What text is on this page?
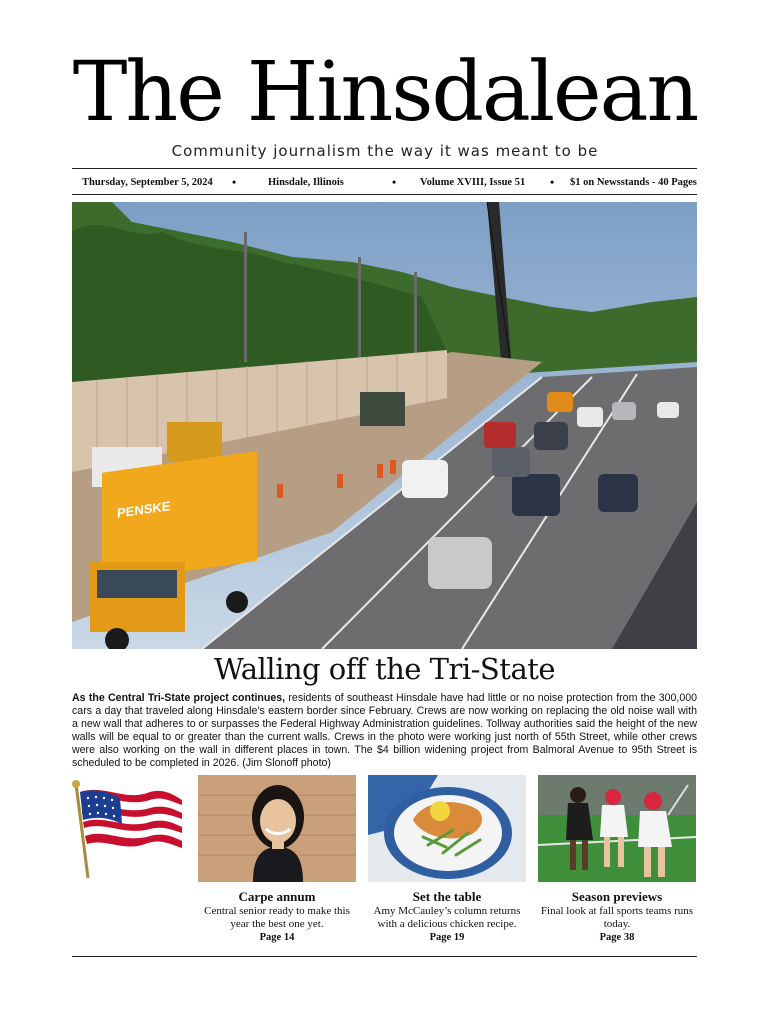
The Hinsdalean
Community journalism the way it was meant to be
Thursday, September 5, 2024 •	Hinsdale, Illinois	• Volume XVIII, Issue 51 • $1 on Newsstands - 40 Pages
PENSKE
Walling off the Tri-State
As the Central Tri-State project continues, residents of southeast Hinsdale have had little or no noise protection from the 300,000 cars a day that traveled along Hinsdale’s eastern border since February. Crews are now working on replacing the old noise wall with a new wall that adheres to or surpasses the Federal Highway Administration guidelines. Tollway authorities said the height of the new walls will be equal to or greater than the current walls. Crews in the photo were working just north of 55th Street, while other crews were also working on the wall in different places in town. The $4 billion widening project from Balmoral Avenue to 95th Street is scheduled to be completed in 2026. (Jim Slonoff photo)
Carpe annum
Central senior ready to make this year the best one yet.
Page 14
Set the table
Amy McCauley’s column returns with a delicious chicken recipe.
Page 19
Season previews
Final look at fall sports teams runs today.
Page 38
